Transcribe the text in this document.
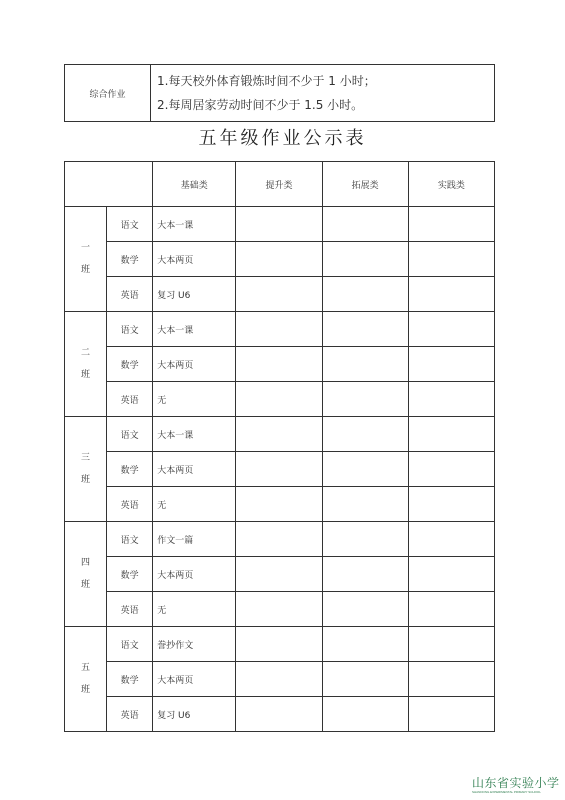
综合作业	
1.每天校外体育锻炼时间不少于 1 小时；
2.每周居家劳动时间不少于 1.5 小时。
五年级作业公示表
		基础类	提升类	拓展类	实践类

一
班	语文	大本一课			
	数学	大本两页			
	英语	复习 U6			

二
班	语文	大本一课			
	数学	大本两页			
	英语	无			

三
班	语文	大本一课			
	数学	大本两页			
	英语	无			

四
班	语文	作文一篇			
	数学	大本两页			
	英语	无			

五
班	语文	誊抄作文			
	数学	大本两页			
	英语	复习 U6			
山东省实验小学
SHANDONG EXPERIMENTAL PRIMARY SCHOOL
